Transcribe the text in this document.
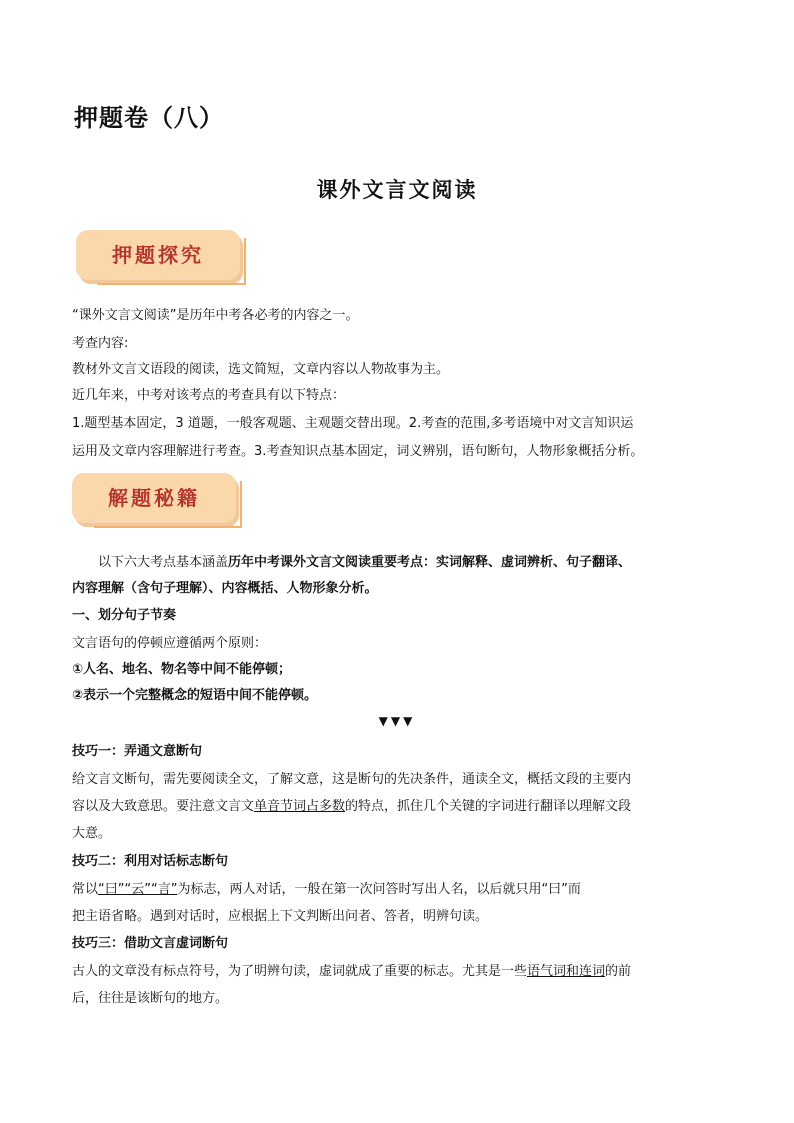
押题卷（八）
课外文言文阅读
押题探究
“课外文言文阅读”是历年中考各必考的内容之一。
考查内容:
教材外文言文语段的阅读，选文简短，文章内容以人物故事为主。
近几年来，中考对该考点的考查具有以下特点：
1.题型基本固定，3 道题，一般客观题、主观题交替出现。2.考查的范围,多考语境中对文言知识运
运用及文章内容理解进行考查。3.考查知识点基本固定，词义辨别，语句断句，人物形象概括分析。
解题秘籍
以下六大考点基本涵盖历年中考课外文言文阅读重要考点：实词解释、虚词辨析、句子翻译、
内容理解（含句子理解）、内容概括、人物形象分析。
一、划分句子节奏
文言语句的停顿应遵循两个原则：
①人名、地名、物名等中间不能停顿；
②表示一个完整概念的短语中间不能停顿。
▼▼▼
技巧一：弄通文意断句
给文言文断句，需先要阅读全文，了解文意，这是断句的先决条件，通读全文，概括文段的主要内
容以及大致意思。要注意文言文单音节词占多数的特点，抓住几个关键的字词进行翻译以理解文段
大意。
技巧二：利用对话标志断句
常以“曰”“云”“言”为标志，两人对话，一般在第一次问答时写出人名，以后就只用“曰”而
把主语省略。遇到对话时，应根据上下文判断出问者、答者，明辨句读。
技巧三：借助文言虚词断句
古人的文章没有标点符号，为了明辨句读，虚词就成了重要的标志。尤其是一些语气词和连词的前
后，往往是该断句的地方。
